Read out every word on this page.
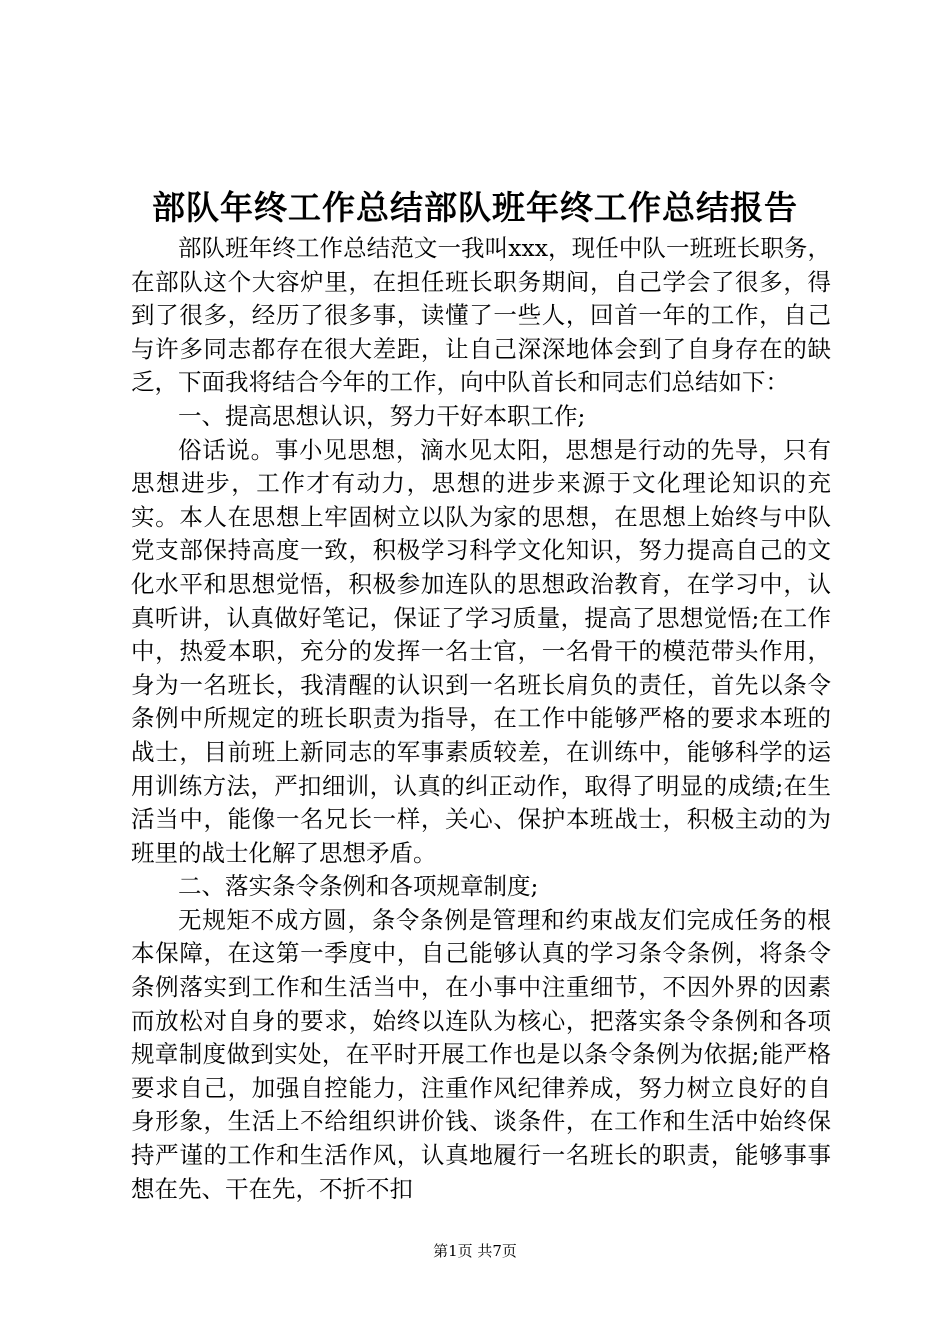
部队年终工作总结部队班年终工作总结报告

部队班年终工作总结范文一我叫xxx，现任中队一班班长职务，在部队这个大容炉里，在担任班长职务期间，自己学会了很多，得到了很多，经历了很多事，读懂了一些人，回首一年的工作，自己与许多同志都存在很大差距，让自己深深地体会到了自身存在的缺乏，下面我将结合今年的工作，向中队首长和同志们总结如下：

一、提高思想认识，努力干好本职工作;

俗话说。事小见思想，滴水见太阳，思想是行动的先导，只有思想进步，工作才有动力，思想的进步来源于文化理论知识的充实。本人在思想上牢固树立以队为家的思想，在思想上始终与中队党支部保持高度一致，积极学习科学文化知识，努力提高自己的文化水平和思想觉悟，积极参加连队的思想政治教育，在学习中，认真听讲，认真做好笔记，保证了学习质量，提高了思想觉悟;在工作中，热爱本职，充分的发挥一名士官，一名骨干的模范带头作用，身为一名班长，我清醒的认识到一名班长肩负的责任，首先以条令条例中所规定的班长职责为指导，在工作中能够严格的要求本班的战士，目前班上新同志的军事素质较差，在训练中，能够科学的运用训练方法，严扣细训，认真的纠正动作，取得了明显的成绩;在生活当中，能像一名兄长一样，关心、保护本班战士，积极主动的为班里的战士化解了思想矛盾。

二、落实条令条例和各项规章制度;

无规矩不成方圆，条令条例是管理和约束战友们完成任务的根本保障，在这第一季度中，自己能够认真的学习条令条例，将条令条例落实到工作和生活当中，在小事中注重细节，不因外界的因素而放松对自身的要求，始终以连队为核心，把落实条令条例和各项规章制度做到实处，在平时开展工作也是以条令条例为依据;能严格要求自己，加强自控能力，注重作风纪律养成，努力树立良好的自身形象，生活上不给组织讲价钱、谈条件，在工作和生活中始终保持严谨的工作和生活作风，认真地履行一名班长的职责，能够事事想在先、干在先，不折不扣

第1页 共7页
